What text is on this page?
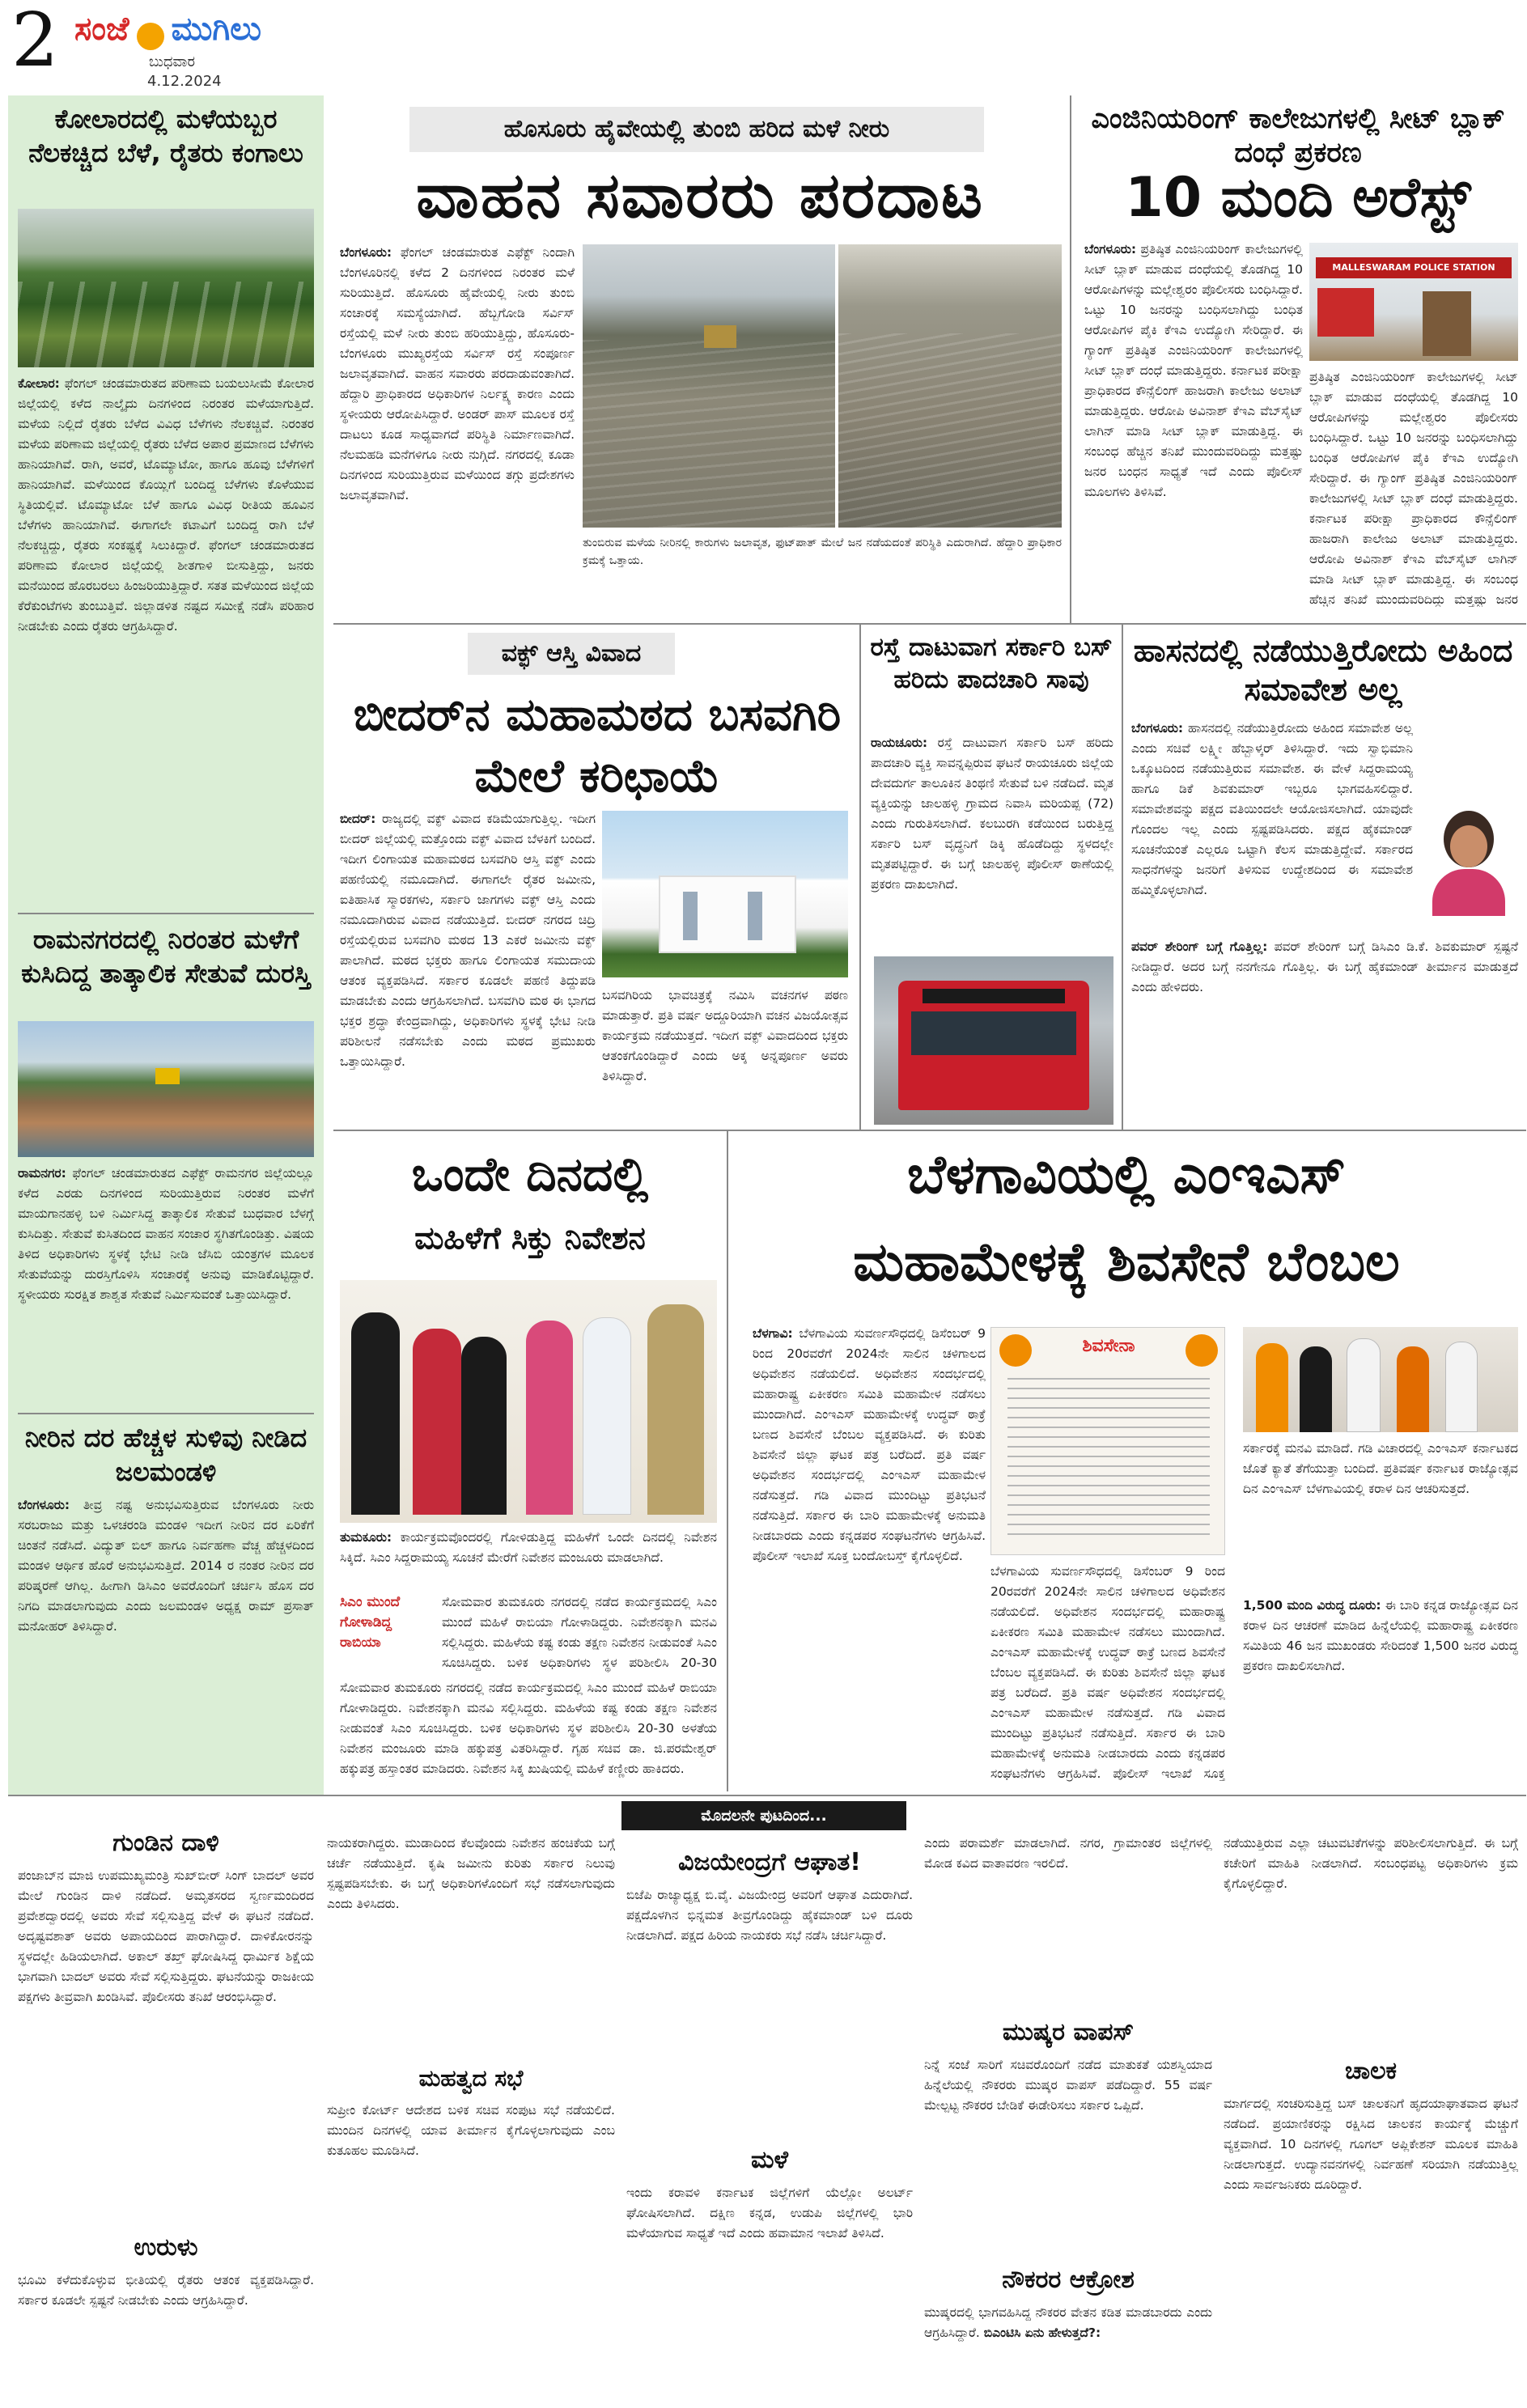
2 ಸಂಜೆ ಮುಗಿಲು
ಬುಧವಾರ
4.12.2024
ಕೋಲಾರದಲ್ಲಿ ಮಳೆಯಬ್ಬರ ನೆಲಕಚ್ಚಿದ ಬೆಳೆ, ರೈತರು ಕಂಗಾಲು
ಕೋಲಾರ: ಫೆಂಗಲ್ ಚಂಡಮಾರುತದ ಪರಿಣಾಮ ಬಯಲುಸೀಮೆ ಕೋಲಾರ ಜಿಲ್ಲೆಯಲ್ಲಿ ಕಳೆದ ನಾಲ್ಕೈದು ದಿನಗಳಿಂದ ನಿರಂತರ ಮಳೆಯಾಗುತ್ತಿದೆ. ಮಳೆಯ ನಿಲ್ಲಿದೆ ರೈತರು ಬೆಳೆದ ವಿವಿಧ ಬೆಳೆಗಳು ನೆಲಕಚ್ಚಿವೆ. ನಿರಂತರ ಮಳೆಯ ಪರಿಣಾಮ ಜಿಲ್ಲೆಯಲ್ಲಿ ರೈತರು ಬೆಳೆದ ಅಪಾರ ಪ್ರಮಾಣದ ಬೆಳೆಗಳು ಹಾನಿಯಾಗಿವೆ. ರಾಗಿ, ಅವರೆ, ಟೊಮ್ಯಾಟೋ, ಹಾಗೂ ಹೂವು ಬೆಳೆಗಳಿಗೆ ಹಾನಿಯಾಗಿವೆ. ಮಳೆಯಿಂದ ಕೊಯ್ಲಿಗೆ ಬಂದಿದ್ದ ಬೆಳೆಗಳು ಕೊಳೆಯುವ ಸ್ಥಿತಿಯಲ್ಲಿವೆ. ಟೊಮ್ಯಾಟೋ ಬೆಳೆ ಹಾಗೂ ವಿವಿಧ ರೀತಿಯ ಹೂವಿನ ಬೆಳೆಗಳು ಹಾನಿಯಾಗಿವೆ. ಈಗಾಗಲೇ ಕಟಾವಿಗೆ ಬಂದಿದ್ದ ರಾಗಿ ಬೆಳೆ ನೆಲಕಚ್ಚಿದ್ದು, ರೈತರು ಸಂಕಷ್ಟಕ್ಕೆ ಸಿಲುಕಿದ್ದಾರೆ. ಫೆಂಗಲ್ ಚಂಡಮಾರುತದ ಪರಿಣಾಮ ಕೋಲಾರ ಜಿಲ್ಲೆಯಲ್ಲಿ ಶೀತಗಾಳಿ ಬೀಸುತ್ತಿದ್ದು, ಜನರು ಮನೆಯಿಂದ ಹೊರಬರಲು ಹಿಂಜರಿಯುತ್ತಿದ್ದಾರೆ. ಸತತ ಮಳೆಯಿಂದ ಜಿಲ್ಲೆಯ ಕೆರೆಕುಂಟೆಗಳು ತುಂಬುತ್ತಿವೆ. ಜಿಲ್ಲಾಡಳಿತ ನಷ್ಟದ ಸಮೀಕ್ಷೆ ನಡೆಸಿ ಪರಿಹಾರ ನೀಡಬೇಕು ಎಂದು ರೈತರು ಆಗ್ರಹಿಸಿದ್ದಾರೆ.
ರಾಮನಗರದಲ್ಲಿ ನಿರಂತರ ಮಳೆಗೆ ಕುಸಿದಿದ್ದ ತಾತ್ಕಾಲಿಕ ಸೇತುವೆ ದುರಸ್ತಿ
ರಾಮನಗರ: ಫೆಂಗಲ್ ಚಂಡಮಾರುತದ ಎಫೆಕ್ಟ್ ರಾಮನಗರ ಜಿಲ್ಲೆಯಲ್ಲೂ ಕಳೆದ ಎರಡು ದಿನಗಳಿಂದ ಸುರಿಯುತ್ತಿರುವ ನಿರಂತರ ಮಳೆಗೆ ಮಾಯಗಾನಹಳ್ಳಿ ಬಳಿ ನಿರ್ಮಿಸಿದ್ದ ತಾತ್ಕಾಲಿಕ ಸೇತುವೆ ಬುಧವಾರ ಬೆಳಗ್ಗೆ ಕುಸಿದಿತ್ತು. ಸೇತುವೆ ಕುಸಿತದಿಂದ ವಾಹನ ಸಂಚಾರ ಸ್ಥಗಿತಗೊಂಡಿತ್ತು. ವಿಷಯ ತಿಳಿದ ಅಧಿಕಾರಿಗಳು ಸ್ಥಳಕ್ಕೆ ಭೇಟಿ ನೀಡಿ ಜೆಸಿಬಿ ಯಂತ್ರಗಳ ಮೂಲಕ ಸೇತುವೆಯನ್ನು ದುರಸ್ತಿಗೊಳಿಸಿ ಸಂಚಾರಕ್ಕೆ ಅನುವು ಮಾಡಿಕೊಟ್ಟಿದ್ದಾರೆ. ಸ್ಥಳೀಯರು ಸುರಕ್ಷಿತ ಶಾಶ್ವತ ಸೇತುವೆ ನಿರ್ಮಿಸುವಂತೆ ಒತ್ತಾಯಿಸಿದ್ದಾರೆ.
ನೀರಿನ ದರ ಹೆಚ್ಚಳ ಸುಳಿವು ನೀಡಿದ ಜಲಮಂಡಳಿ
ಬೆಂಗಳೂರು: ತೀವ್ರ ನಷ್ಟ ಅನುಭವಿಸುತ್ತಿರುವ ಬೆಂಗಳೂರು ನೀರು ಸರಬರಾಜು ಮತ್ತು ಒಳಚರಂಡಿ ಮಂಡಳಿ ಇದೀಗ ನೀರಿನ ದರ ಏರಿಕೆಗೆ ಚಿಂತನೆ ನಡೆಸಿದೆ. ವಿದ್ಯುತ್ ಬಿಲ್ ಹಾಗೂ ನಿರ್ವಹಣಾ ವೆಚ್ಚ ಹೆಚ್ಚಳದಿಂದ ಮಂಡಳಿ ಆರ್ಥಿಕ ಹೊರೆ ಅನುಭವಿಸುತ್ತಿದೆ. 2014 ರ ನಂತರ ನೀರಿನ ದರ ಪರಿಷ್ಕರಣೆ ಆಗಿಲ್ಲ. ಹೀಗಾಗಿ ಡಿಸಿಎಂ ಅವರೊಂದಿಗೆ ಚರ್ಚಿಸಿ ಹೊಸ ದರ ನಿಗದಿ ಮಾಡಲಾಗುವುದು ಎಂದು ಜಲಮಂಡಳಿ ಅಧ್ಯಕ್ಷ ರಾಮ್ ಪ್ರಸಾತ್ ಮನೋಹರ್ ತಿಳಿಸಿದ್ದಾರೆ.
ಹೊಸೂರು ಹೈವೇಯಲ್ಲಿ ತುಂಬಿ ಹರಿದ ಮಳೆ ನೀರು
ವಾಹನ ಸವಾರರು ಪರದಾಟ
ಬೆಂಗಳೂರು: ಫೆಂಗಲ್ ಚಂಡಮಾರುತ ಎಫೆಕ್ಟ್ ನಿಂದಾಗಿ ಬೆಂಗಳೂರಿನಲ್ಲಿ ಕಳೆದ 2 ದಿನಗಳಿಂದ ನಿರಂತರ ಮಳೆ ಸುರಿಯುತ್ತಿದೆ. ಹೊಸೂರು ಹೈವೇಯಲ್ಲಿ ನೀರು ತುಂಬಿ ಸಂಚಾರಕ್ಕೆ ಸಮಸ್ಯೆಯಾಗಿದೆ. ಹೆಬ್ಬಗೋಡಿ ಸರ್ವಿಸ್ ರಸ್ತೆಯಲ್ಲಿ ಮಳೆ ನೀರು ತುಂಬಿ ಹರಿಯುತ್ತಿದ್ದು, ಹೊಸೂರು-ಬೆಂಗಳೂರು ಮುಖ್ಯರಸ್ತೆಯ ಸರ್ವಿಸ್ ರಸ್ತೆ ಸಂಪೂರ್ಣ ಜಲಾವೃತವಾಗಿದೆ. ವಾಹನ ಸವಾರರು ಪರದಾಡುವಂತಾಗಿದೆ. ಹೆದ್ದಾರಿ ಪ್ರಾಧಿಕಾರದ ಅಧಿಕಾರಿಗಳ ನಿರ್ಲಕ್ಷ್ಯ ಕಾರಣ ಎಂದು ಸ್ಥಳೀಯರು ಆರೋಪಿಸಿದ್ದಾರೆ. ಅಂಡರ್ ಪಾಸ್ ಮೂಲಕ ರಸ್ತೆ ದಾಟಲು ಕೂಡ ಸಾಧ್ಯವಾಗದೆ ಪರಿಸ್ಥಿತಿ ನಿರ್ಮಾಣವಾಗಿದೆ. ನೆಲಮಹಡಿ ಮನೆಗಳಿಗೂ ನೀರು ನುಗ್ಗಿದೆ. ನಗರದಲ್ಲಿ ಕೂಡಾ ದಿನಗಳಿಂದ ಸುರಿಯುತ್ತಿರುವ ಮಳೆಯಿಂದ ತಗ್ಗು ಪ್ರದೇಶಗಳು ಜಲಾವೃತವಾಗಿವೆ.
ತುಂಬಿರುವ ಮಳೆಯ ನೀರಿನಲ್ಲಿ ಕಾರುಗಳು ಜಲಾವೃತ, ಫುಟ್‌ಪಾತ್ ಮೇಲೆ ಜನ ನಡೆಯದಂತೆ ಪರಿಸ್ಥಿತಿ ಎದುರಾಗಿದೆ. ಹೆದ್ದಾರಿ ಪ್ರಾಧಿಕಾರ ಕ್ರಮಕ್ಕೆ ಒತ್ತಾಯ.
ಎಂಜಿನಿಯರಿಂಗ್ ಕಾಲೇಜುಗಳಲ್ಲಿ ಸೀಟ್ ಬ್ಲಾಕ್ ದಂಧೆ ಪ್ರಕರಣ
10 ಮಂದಿ ಅರೆಸ್ಟ್
ಬೆಂಗಳೂರು: ಪ್ರತಿಷ್ಠಿತ ಎಂಜಿನಿಯರಿಂಗ್ ಕಾಲೇಜುಗಳಲ್ಲಿ ಸೀಟ್ ಬ್ಲಾಕ್ ಮಾಡುವ ದಂಧೆಯಲ್ಲಿ ತೊಡಗಿದ್ದ 10 ಆರೋಪಿಗಳನ್ನು ಮಲ್ಲೇಶ್ವರಂ ಪೊಲೀಸರು ಬಂಧಿಸಿದ್ದಾರೆ. ಒಟ್ಟು 10 ಜನರನ್ನು ಬಂಧಿಸಲಾಗಿದ್ದು ಬಂಧಿತ ಆರೋಪಿಗಳ ಪೈಕಿ ಕೆಇಎ ಉದ್ಯೋಗಿ ಸೇರಿದ್ದಾರೆ. ಈ ಗ್ಯಾಂಗ್ ಪ್ರತಿಷ್ಠಿತ ಎಂಜಿನಿಯರಿಂಗ್ ಕಾಲೇಜುಗಳಲ್ಲಿ ಸೀಟ್ ಬ್ಲಾಕ್ ದಂಧೆ ಮಾಡುತ್ತಿದ್ದರು. ಕರ್ನಾಟಕ ಪರೀಕ್ಷಾ ಪ್ರಾಧಿಕಾರದ ಕೌನ್ಸೆಲಿಂಗ್ ಹಾಜರಾಗಿ ಕಾಲೇಜು ಅಲಾಟ್ ಮಾಡುತ್ತಿದ್ದರು. ಆರೋಪಿ ಅವಿನಾಶ್ ಕೆಇಎ ವೆಬ್‌ಸೈಟ್ ಲಾಗಿನ್ ಮಾಡಿ ಸೀಟ್ ಬ್ಲಾಕ್ ಮಾಡುತ್ತಿದ್ದ. ಈ ಸಂಬಂಧ ಹೆಚ್ಚಿನ ತನಿಖೆ ಮುಂದುವರಿದಿದ್ದು ಮತ್ತಷ್ಟು ಜನರ ಬಂಧನ ಸಾಧ್ಯತೆ ಇದೆ ಎಂದು ಪೊಲೀಸ್ ಮೂಲಗಳು ತಿಳಿಸಿವೆ.
MALLESWARAM POLICE STATION
ಪ್ರತಿಷ್ಠಿತ ಎಂಜಿನಿಯರಿಂಗ್ ಕಾಲೇಜುಗಳಲ್ಲಿ ಸೀಟ್ ಬ್ಲಾಕ್ ಮಾಡುವ ದಂಧೆಯಲ್ಲಿ ತೊಡಗಿದ್ದ 10 ಆರೋಪಿಗಳನ್ನು ಮಲ್ಲೇಶ್ವರಂ ಪೊಲೀಸರು ಬಂಧಿಸಿದ್ದಾರೆ. ಒಟ್ಟು 10 ಜನರನ್ನು ಬಂಧಿಸಲಾಗಿದ್ದು ಬಂಧಿತ ಆರೋಪಿಗಳ ಪೈಕಿ ಕೆಇಎ ಉದ್ಯೋಗಿ ಸೇರಿದ್ದಾರೆ. ಈ ಗ್ಯಾಂಗ್ ಪ್ರತಿಷ್ಠಿತ ಎಂಜಿನಿಯರಿಂಗ್ ಕಾಲೇಜುಗಳಲ್ಲಿ ಸೀಟ್ ಬ್ಲಾಕ್ ದಂಧೆ ಮಾಡುತ್ತಿದ್ದರು. ಕರ್ನಾಟಕ ಪರೀಕ್ಷಾ ಪ್ರಾಧಿಕಾರದ ಕೌನ್ಸೆಲಿಂಗ್ ಹಾಜರಾಗಿ ಕಾಲೇಜು ಅಲಾಟ್ ಮಾಡುತ್ತಿದ್ದರು. ಆರೋಪಿ ಅವಿನಾಶ್ ಕೆಇಎ ವೆಬ್‌ಸೈಟ್ ಲಾಗಿನ್ ಮಾಡಿ ಸೀಟ್ ಬ್ಲಾಕ್ ಮಾಡುತ್ತಿದ್ದ. ಈ ಸಂಬಂಧ ಹೆಚ್ಚಿನ ತನಿಖೆ ಮುಂದುವರಿದಿದ್ದು ಮತ್ತಷ್ಟು ಜನರ
ವಕ್ಫ್ ಆಸ್ತಿ ವಿವಾದ
ಬೀದರ್‌ನ ಮಹಾಮಠದ ಬಸವಗಿರಿ ಮೇಲೆ ಕರಿಛಾಯೆ
ಬೀದರ್: ರಾಜ್ಯದಲ್ಲಿ ವಕ್ಫ್ ವಿವಾದ ಕಡಿಮೆಯಾಗುತ್ತಿಲ್ಲ. ಇದೀಗ ಬೀದರ್ ಜಿಲ್ಲೆಯಲ್ಲಿ ಮತ್ತೊಂದು ವಕ್ಫ್ ವಿವಾದ ಬೆಳಕಿಗೆ ಬಂದಿದೆ. ಇದೀಗ ಲಿಂಗಾಯತ ಮಹಾಮಠದ ಬಸವಗಿರಿ ಆಸ್ತಿ ವಕ್ಫ್ ಎಂದು ಪಹಣಿಯಲ್ಲಿ ನಮೂದಾಗಿದೆ. ಈಗಾಗಲೇ ರೈತರ ಜಮೀನು, ಐತಿಹಾಸಿಕ ಸ್ಮಾರಕಗಳು, ಸರ್ಕಾರಿ ಜಾಗಗಳು ವಕ್ಫ್ ಆಸ್ತಿ ಎಂದು ನಮೂದಾಗಿರುವ ವಿವಾದ ನಡೆಯುತ್ತಿದೆ. ಬೀದರ್ ನಗರದ ಚಿದ್ರಿ ರಸ್ತೆಯಲ್ಲಿರುವ ಬಸವಗಿರಿ ಮಠದ 13 ಎಕರೆ ಜಮೀನು ವಕ್ಫ್ ಪಾಲಾಗಿದೆ. ಮಠದ ಭಕ್ತರು ಹಾಗೂ ಲಿಂಗಾಯತ ಸಮುದಾಯ ಆತಂಕ ವ್ಯಕ್ತಪಡಿಸಿದೆ. ಸರ್ಕಾರ ಕೂಡಲೇ ಪಹಣಿ ತಿದ್ದುಪಡಿ ಮಾಡಬೇಕು ಎಂದು ಆಗ್ರಹಿಸಲಾಗಿದೆ. ಬಸವಗಿರಿ ಮಠ ಈ ಭಾಗದ ಭಕ್ತರ ಶ್ರದ್ಧಾ ಕೇಂದ್ರವಾಗಿದ್ದು, ಅಧಿಕಾರಿಗಳು ಸ್ಥಳಕ್ಕೆ ಭೇಟಿ ನೀಡಿ ಪರಿಶೀಲನೆ ನಡೆಸಬೇಕು ಎಂದು ಮಠದ ಪ್ರಮುಖರು ಒತ್ತಾಯಿಸಿದ್ದಾರೆ.
ಬಸವಗಿರಿಯ ಭಾವಚಿತ್ರಕ್ಕೆ ನಮಿಸಿ ವಚನಗಳ ಪಠಣ ಮಾಡುತ್ತಾರೆ. ಪ್ರತಿ ವರ್ಷ ಅದ್ದೂರಿಯಾಗಿ ವಚನ ವಿಜಯೋತ್ಸವ ಕಾರ್ಯಕ್ರಮ ನಡೆಯುತ್ತದೆ. ಇದೀಗ ವಕ್ಫ್ ವಿವಾದದಿಂದ ಭಕ್ತರು ಆತಂಕಗೊಂಡಿದ್ದಾರೆ ಎಂದು ಅಕ್ಕ ಅನ್ನಪೂರ್ಣ ಅವರು ತಿಳಿಸಿದ್ದಾರೆ.
ರಸ್ತೆ ದಾಟುವಾಗ ಸರ್ಕಾರಿ ಬಸ್ ಹರಿದು ಪಾದಚಾರಿ ಸಾವು
ರಾಯಚೂರು: ರಸ್ತೆ ದಾಟುವಾಗ ಸರ್ಕಾರಿ ಬಸ್ ಹರಿದು ಪಾದಚಾರಿ ವ್ಯಕ್ತಿ ಸಾವನ್ನಪ್ಪಿರುವ ಘಟನೆ ರಾಯಚೂರು ಜಿಲ್ಲೆಯ ದೇವದುರ್ಗ ತಾಲೂಕಿನ ತಿಂಥಣಿ ಸೇತುವೆ ಬಳಿ ನಡೆದಿದೆ. ಮೃತ ವ್ಯಕ್ತಿಯನ್ನು ಜಾಲಹಳ್ಳಿ ಗ್ರಾಮದ ನಿವಾಸಿ ಮರಿಯಪ್ಪ (72) ಎಂದು ಗುರುತಿಸಲಾಗಿದೆ. ಕಲಬುರಗಿ ಕಡೆಯಿಂದ ಬರುತ್ತಿದ್ದ ಸರ್ಕಾರಿ ಬಸ್ ವೃದ್ಧನಿಗೆ ಡಿಕ್ಕಿ ಹೊಡೆದಿದ್ದು ಸ್ಥಳದಲ್ಲೇ ಮೃತಪಟ್ಟಿದ್ದಾರೆ. ಈ ಬಗ್ಗೆ ಜಾಲಹಳ್ಳಿ ಪೊಲೀಸ್ ಠಾಣೆಯಲ್ಲಿ ಪ್ರಕರಣ ದಾಖಲಾಗಿದೆ.
ಹಾಸನದಲ್ಲಿ ನಡೆಯುತ್ತಿರೋದು ಅಹಿಂದ ಸಮಾವೇಶ ಅಲ್ಲ
ಬೆಂಗಳೂರು: ಹಾಸನದಲ್ಲಿ ನಡೆಯುತ್ತಿರೋದು ಅಹಿಂದ ಸಮಾವೇಶ ಅಲ್ಲ ಎಂದು ಸಚಿವೆ ಲಕ್ಷ್ಮೀ ಹೆಬ್ಬಾಳ್ಕರ್ ತಿಳಿಸಿದ್ದಾರೆ. ಇದು ಸ್ವಾಭಿಮಾನಿ ಒಕ್ಕೂಟದಿಂದ ನಡೆಯುತ್ತಿರುವ ಸಮಾವೇಶ. ಈ ವೇಳೆ ಸಿದ್ದರಾಮಯ್ಯ ಹಾಗೂ ಡಿಕೆ ಶಿವಕುಮಾರ್ ಇಬ್ಬರೂ ಭಾಗವಹಿಸಲಿದ್ದಾರೆ. ಸಮಾವೇಶವನ್ನು ಪಕ್ಷದ ವತಿಯಿಂದಲೇ ಆಯೋಜಿಸಲಾಗಿದೆ. ಯಾವುದೇ ಗೊಂದಲ ಇಲ್ಲ ಎಂದು ಸ್ಪಷ್ಟಪಡಿಸಿದರು. ಪಕ್ಷದ ಹೈಕಮಾಂಡ್ ಸೂಚನೆಯಂತೆ ಎಲ್ಲರೂ ಒಟ್ಟಾಗಿ ಕೆಲಸ ಮಾಡುತ್ತಿದ್ದೇವೆ. ಸರ್ಕಾರದ ಸಾಧನೆಗಳನ್ನು ಜನರಿಗೆ ತಿಳಿಸುವ ಉದ್ದೇಶದಿಂದ ಈ ಸಮಾವೇಶ ಹಮ್ಮಿಕೊಳ್ಳಲಾಗಿದೆ.
ಪವರ್ ಶೇರಿಂಗ್ ಬಗ್ಗೆ ಗೊತ್ತಿಲ್ಲ: ಪವರ್ ಶೇರಿಂಗ್ ಬಗ್ಗೆ ಡಿಸಿಎಂ ಡಿ.ಕೆ. ಶಿವಕುಮಾರ್ ಸ್ಪಷ್ಟನೆ ನೀಡಿದ್ದಾರೆ. ಅದರ ಬಗ್ಗೆ ನನಗೇನೂ ಗೊತ್ತಿಲ್ಲ. ಈ ಬಗ್ಗೆ ಹೈಕಮಾಂಡ್ ತೀರ್ಮಾನ ಮಾಡುತ್ತದೆ ಎಂದು ಹೇಳಿದರು.
ಒಂದೇ ದಿನದಲ್ಲಿ
ಮಹಿಳೆಗೆ ಸಿಕ್ತು ನಿವೇಶನ
ತುಮಕೂರು: ಕಾರ್ಯಕ್ರಮವೊಂದರಲ್ಲಿ ಗೋಳಿಡುತ್ತಿದ್ದ ಮಹಿಳೆಗೆ ಒಂದೇ ದಿನದಲ್ಲಿ ನಿವೇಶನ ಸಿಕ್ಕಿದೆ. ಸಿಎಂ ಸಿದ್ದರಾಮಯ್ಯ ಸೂಚನೆ ಮೇರೆಗೆ ನಿವೇಶನ ಮಂಜೂರು ಮಾಡಲಾಗಿದೆ.
ಸಿಎಂ ಮುಂದೆ ಗೋಳಾಡಿದ್ದ ರಾಬಿಯಾ
ಸೋಮವಾರ ತುಮಕೂರು ನಗರದಲ್ಲಿ ನಡೆದ ಕಾರ್ಯಕ್ರಮದಲ್ಲಿ ಸಿಎಂ ಮುಂದೆ ಮಹಿಳೆ ರಾಬಿಯಾ ಗೋಳಾಡಿದ್ದರು. ನಿವೇಶನಕ್ಕಾಗಿ ಮನವಿ ಸಲ್ಲಿಸಿದ್ದರು. ಮಹಿಳೆಯ ಕಷ್ಟ ಕಂಡು ತಕ್ಷಣ ನಿವೇಶನ ನೀಡುವಂತೆ ಸಿಎಂ ಸೂಚಿಸಿದ್ದರು. ಬಳಿಕ ಅಧಿಕಾರಿಗಳು ಸ್ಥಳ ಪರಿಶೀಲಿಸಿ 20-30
ಸೋಮವಾರ ತುಮಕೂರು ನಗರದಲ್ಲಿ ನಡೆದ ಕಾರ್ಯಕ್ರಮದಲ್ಲಿ ಸಿಎಂ ಮುಂದೆ ಮಹಿಳೆ ರಾಬಿಯಾ ಗೋಳಾಡಿದ್ದರು. ನಿವೇಶನಕ್ಕಾಗಿ ಮನವಿ ಸಲ್ಲಿಸಿದ್ದರು. ಮಹಿಳೆಯ ಕಷ್ಟ ಕಂಡು ತಕ್ಷಣ ನಿವೇಶನ ನೀಡುವಂತೆ ಸಿಎಂ ಸೂಚಿಸಿದ್ದರು. ಬಳಿಕ ಅಧಿಕಾರಿಗಳು ಸ್ಥಳ ಪರಿಶೀಲಿಸಿ 20-30 ಅಳತೆಯ ನಿವೇಶನ ಮಂಜೂರು ಮಾಡಿ ಹಕ್ಕುಪತ್ರ ವಿತರಿಸಿದ್ದಾರೆ. ಗೃಹ ಸಚಿವ ಡಾ. ಜಿ.ಪರಮೇಶ್ವರ್ ಹಕ್ಕುಪತ್ರ ಹಸ್ತಾಂತರ ಮಾಡಿದರು. ನಿವೇಶನ ಸಿಕ್ಕ ಖುಷಿಯಲ್ಲಿ ಮಹಿಳೆ ಕಣ್ಣೀರು ಹಾಕಿದರು.
ಬೆಳಗಾವಿಯಲ್ಲಿ ಎಂಇಎಸ್
ಮಹಾಮೇಳಕ್ಕೆ ಶಿವಸೇನೆ ಬೆಂಬಲ
ಬೆಳಗಾವಿ: ಬೆಳಗಾವಿಯ ಸುವರ್ಣಸೌಧದಲ್ಲಿ ಡಿಸೆಂಬರ್ 9 ರಿಂದ 20ರವರೆಗೆ 2024ನೇ ಸಾಲಿನ ಚಳಿಗಾಲದ ಅಧಿವೇಶನ ನಡೆಯಲಿದೆ. ಅಧಿವೇಶನ ಸಂದರ್ಭದಲ್ಲಿ ಮಹಾರಾಷ್ಟ್ರ ಏಕೀಕರಣ ಸಮಿತಿ ಮಹಾಮೇಳ ನಡೆಸಲು ಮುಂದಾಗಿದೆ. ಎಂಇಎಸ್ ಮಹಾಮೇಳಕ್ಕೆ ಉದ್ಧವ್ ಠಾಕ್ರೆ ಬಣದ ಶಿವಸೇನೆ ಬೆಂಬಲ ವ್ಯಕ್ತಪಡಿಸಿದೆ. ಈ ಕುರಿತು ಶಿವಸೇನೆ ಜಿಲ್ಲಾ ಘಟಕ ಪತ್ರ ಬರೆದಿದೆ. ಪ್ರತಿ ವರ್ಷ ಅಧಿವೇಶನ ಸಂದರ್ಭದಲ್ಲಿ ಎಂಇಎಸ್ ಮಹಾಮೇಳ ನಡೆಸುತ್ತದೆ. ಗಡಿ ವಿವಾದ ಮುಂದಿಟ್ಟು ಪ್ರತಿಭಟನೆ ನಡೆಸುತ್ತಿದೆ. ಸರ್ಕಾರ ಈ ಬಾರಿ ಮಹಾಮೇಳಕ್ಕೆ ಅನುಮತಿ ನೀಡಬಾರದು ಎಂದು ಕನ್ನಡಪರ ಸಂಘಟನೆಗಳು ಆಗ್ರಹಿಸಿವೆ. ಪೊಲೀಸ್ ಇಲಾಖೆ ಸೂಕ್ತ ಬಂದೋಬಸ್ತ್ ಕೈಗೊಳ್ಳಲಿದೆ.
ಶಿವಸೇನಾ
ಬೆಳಗಾವಿಯ ಸುವರ್ಣಸೌಧದಲ್ಲಿ ಡಿಸೆಂಬರ್ 9 ರಿಂದ 20ರವರೆಗೆ 2024ನೇ ಸಾಲಿನ ಚಳಿಗಾಲದ ಅಧಿವೇಶನ ನಡೆಯಲಿದೆ. ಅಧಿವೇಶನ ಸಂದರ್ಭದಲ್ಲಿ ಮಹಾರಾಷ್ಟ್ರ ಏಕೀಕರಣ ಸಮಿತಿ ಮಹಾಮೇಳ ನಡೆಸಲು ಮುಂದಾಗಿದೆ. ಎಂಇಎಸ್ ಮಹಾಮೇಳಕ್ಕೆ ಉದ್ಧವ್ ಠಾಕ್ರೆ ಬಣದ ಶಿವಸೇನೆ ಬೆಂಬಲ ವ್ಯಕ್ತಪಡಿಸಿದೆ. ಈ ಕುರಿತು ಶಿವಸೇನೆ ಜಿಲ್ಲಾ ಘಟಕ ಪತ್ರ ಬರೆದಿದೆ. ಪ್ರತಿ ವರ್ಷ ಅಧಿವೇಶನ ಸಂದರ್ಭದಲ್ಲಿ ಎಂಇಎಸ್ ಮಹಾಮೇಳ ನಡೆಸುತ್ತದೆ. ಗಡಿ ವಿವಾದ ಮುಂದಿಟ್ಟು ಪ್ರತಿಭಟನೆ ನಡೆಸುತ್ತಿದೆ. ಸರ್ಕಾರ ಈ ಬಾರಿ ಮಹಾಮೇಳಕ್ಕೆ ಅನುಮತಿ ನೀಡಬಾರದು ಎಂದು ಕನ್ನಡಪರ ಸಂಘಟನೆಗಳು ಆಗ್ರಹಿಸಿವೆ. ಪೊಲೀಸ್ ಇಲಾಖೆ ಸೂಕ್ತ
ಸರ್ಕಾರಕ್ಕೆ ಮನವಿ ಮಾಡಿದೆ. ಗಡಿ ವಿಚಾರದಲ್ಲಿ ಎಂಇಎಸ್ ಕರ್ನಾಟಕದ ಜೊತೆ ಕ್ಯಾತೆ ತೆಗೆಯುತ್ತಾ ಬಂದಿದೆ. ಪ್ರತಿವರ್ಷ ಕರ್ನಾಟಕ ರಾಜ್ಯೋತ್ಸವ ದಿನ ಎಂಇಎಸ್ ಬೆಳಗಾವಿಯಲ್ಲಿ ಕರಾಳ ದಿನ ಆಚರಿಸುತ್ತದೆ.
1,500 ಮಂದಿ ವಿರುದ್ಧ ದೂರು: ಈ ಬಾರಿ ಕನ್ನಡ ರಾಜ್ಯೋತ್ಸವ ದಿನ ಕರಾಳ ದಿನ ಆಚರಣೆ ಮಾಡಿದ ಹಿನ್ನೆಲೆಯಲ್ಲಿ ಮಹಾರಾಷ್ಟ್ರ ಏಕೀಕರಣ ಸಮಿತಿಯ 46 ಜನ ಮುಖಂಡರು ಸೇರಿದಂತೆ 1,500 ಜನರ ವಿರುದ್ಧ ಪ್ರಕರಣ ದಾಖಲಿಸಲಾಗಿದೆ.
ಮೊದಲನೇ ಪುಟದಿಂದ...
ಗುಂಡಿನ ದಾಳಿ
ಪಂಜಾಬ್‌ನ ಮಾಜಿ ಉಪಮುಖ್ಯಮಂತ್ರಿ ಸುಖ್‌ಬೀರ್ ಸಿಂಗ್ ಬಾದಲ್ ಅವರ ಮೇಲೆ ಗುಂಡಿನ ದಾಳಿ ನಡೆದಿದೆ. ಅಮೃತಸರದ ಸ್ವರ್ಣಮಂದಿರದ ಪ್ರವೇಶದ್ವಾರದಲ್ಲಿ ಅವರು ಸೇವೆ ಸಲ್ಲಿಸುತ್ತಿದ್ದ ವೇಳೆ ಈ ಘಟನೆ ನಡೆದಿದೆ. ಅದೃಷ್ಟವಶಾತ್ ಅವರು ಅಪಾಯದಿಂದ ಪಾರಾಗಿದ್ದಾರೆ. ದಾಳಿಕೋರನನ್ನು ಸ್ಥಳದಲ್ಲೇ ಹಿಡಿಯಲಾಗಿದೆ. ಅಕಾಲ್ ತಖ್ತ್ ಘೋಷಿಸಿದ್ದ ಧಾರ್ಮಿಕ ಶಿಕ್ಷೆಯ ಭಾಗವಾಗಿ ಬಾದಲ್ ಅವರು ಸೇವೆ ಸಲ್ಲಿಸುತ್ತಿದ್ದರು. ಘಟನೆಯನ್ನು ರಾಜಕೀಯ ಪಕ್ಷಗಳು ತೀವ್ರವಾಗಿ ಖಂಡಿಸಿವೆ. ಪೊಲೀಸರು ತನಿಖೆ ಆರಂಭಿಸಿದ್ದಾರೆ.
ಉರುಳು
ಭೂಮಿ ಕಳೆದುಕೊಳ್ಳುವ ಭೀತಿಯಲ್ಲಿ ರೈತರು ಆತಂಕ ವ್ಯಕ್ತಪಡಿಸಿದ್ದಾರೆ. ಸರ್ಕಾರ ಕೂಡಲೇ ಸ್ಪಷ್ಟನೆ ನೀಡಬೇಕು ಎಂದು ಆಗ್ರಹಿಸಿದ್ದಾರೆ.
ನಾಯಕರಾಗಿದ್ದರು. ಮುಡಾದಿಂದ ಕೆಲವೊಂದು ನಿವೇಶನ ಹಂಚಿಕೆಯ ಬಗ್ಗೆ ಚರ್ಚೆ ನಡೆಯುತ್ತಿದೆ. ಕೃಷಿ ಜಮೀನು ಕುರಿತು ಸರ್ಕಾರ ನಿಲುವು ಸ್ಪಷ್ಟಪಡಿಸಬೇಕು. ಈ ಬಗ್ಗೆ ಅಧಿಕಾರಿಗಳೊಂದಿಗೆ ಸಭೆ ನಡೆಸಲಾಗುವುದು ಎಂದು ತಿಳಿಸಿದರು.
ಮಹತ್ವದ ಸಭೆ
ಸುಪ್ರೀಂ ಕೋರ್ಟ್ ಆದೇಶದ ಬಳಿಕ ಸಚಿವ ಸಂಪುಟ ಸಭೆ ನಡೆಯಲಿದೆ. ಮುಂದಿನ ದಿನಗಳಲ್ಲಿ ಯಾವ ತೀರ್ಮಾನ ಕೈಗೊಳ್ಳಲಾಗುವುದು ಎಂಬ ಕುತೂಹಲ ಮೂಡಿಸಿದೆ.
ವಿಜಯೇಂದ್ರಗೆ ಆಘಾತ!
ಬಿಜೆಪಿ ರಾಜ್ಯಾಧ್ಯಕ್ಷ ಬಿ.ವೈ. ವಿಜಯೇಂದ್ರ ಅವರಿಗೆ ಆಘಾತ ಎದುರಾಗಿದೆ. ಪಕ್ಷದೊಳಗಿನ ಭಿನ್ನಮತ ತೀವ್ರಗೊಂಡಿದ್ದು ಹೈಕಮಾಂಡ್ ಬಳಿ ದೂರು ನೀಡಲಾಗಿದೆ. ಪಕ್ಷದ ಹಿರಿಯ ನಾಯಕರು ಸಭೆ ನಡೆಸಿ ಚರ್ಚಿಸಿದ್ದಾರೆ.
ಮಳೆ
ಇಂದು ಕರಾವಳಿ ಕರ್ನಾಟಕ ಜಿಲ್ಲೆಗಳಿಗೆ ಯೆಲ್ಲೋ ಅಲರ್ಟ್ ಘೋಷಿಸಲಾಗಿದೆ. ದಕ್ಷಿಣ ಕನ್ನಡ, ಉಡುಪಿ ಜಿಲ್ಲೆಗಳಲ್ಲಿ ಭಾರಿ ಮಳೆಯಾಗುವ ಸಾಧ್ಯತೆ ಇದೆ ಎಂದು ಹವಾಮಾನ ಇಲಾಖೆ ತಿಳಿಸಿದೆ.
ಎಂದು ಪರಾಮರ್ಶೆ ಮಾಡಲಾಗಿದೆ. ನಗರ, ಗ್ರಾಮಾಂತರ ಜಿಲ್ಲೆಗಳಲ್ಲಿ ಮೋಡ ಕವಿದ ವಾತಾವರಣ ಇರಲಿದೆ.
ಮುಷ್ಕರ ವಾಪಸ್
ನಿನ್ನೆ ಸಂಜೆ ಸಾರಿಗೆ ಸಚಿವರೊಂದಿಗೆ ನಡೆದ ಮಾತುಕತೆ ಯಶಸ್ವಿಯಾದ ಹಿನ್ನೆಲೆಯಲ್ಲಿ ನೌಕರರು ಮುಷ್ಕರ ವಾಪಸ್ ಪಡೆದಿದ್ದಾರೆ. 55 ವರ್ಷ ಮೇಲ್ಪಟ್ಟ ನೌಕರರ ಬೇಡಿಕೆ ಈಡೇರಿಸಲು ಸರ್ಕಾರ ಒಪ್ಪಿದೆ.
ನೌಕರರ ಆಕ್ರೋಶ
ಮುಷ್ಕರದಲ್ಲಿ ಭಾಗವಹಿಸಿದ್ದ ನೌಕರರ ವೇತನ ಕಡಿತ ಮಾಡಬಾರದು ಎಂದು ಆಗ್ರಹಿಸಿದ್ದಾರೆ. ಬಿಎಂಟಿಸಿ ಏನು ಹೇಳುತ್ತದೆ?:
ನಡೆಯುತ್ತಿರುವ ಎಲ್ಲಾ ಚಟುವಟಿಕೆಗಳನ್ನು ಪರಿಶೀಲಿಸಲಾಗುತ್ತಿದೆ. ಈ ಬಗ್ಗೆ ಕಚೇರಿಗೆ ಮಾಹಿತಿ ನೀಡಲಾಗಿದೆ. ಸಂಬಂಧಪಟ್ಟ ಅಧಿಕಾರಿಗಳು ಕ್ರಮ ಕೈಗೊಳ್ಳಲಿದ್ದಾರೆ.
ಚಾಲಕ
ಮಾರ್ಗದಲ್ಲಿ ಸಂಚರಿಸುತ್ತಿದ್ದ ಬಸ್ ಚಾಲಕನಿಗೆ ಹೃದಯಾಘಾತವಾದ ಘಟನೆ ನಡೆದಿದೆ. ಪ್ರಯಾಣಿಕರನ್ನು ರಕ್ಷಿಸಿದ ಚಾಲಕನ ಕಾರ್ಯಕ್ಕೆ ಮೆಚ್ಚುಗೆ ವ್ಯಕ್ತವಾಗಿದೆ. 10 ದಿನಗಳಲ್ಲಿ ಗೂಗಲ್ ಅಪ್ಲಿಕೇಶನ್ ಮೂಲಕ ಮಾಹಿತಿ ನೀಡಲಾಗುತ್ತದೆ. ಉದ್ಯಾನವನಗಳಲ್ಲಿ ನಿರ್ವಹಣೆ ಸರಿಯಾಗಿ ನಡೆಯುತ್ತಿಲ್ಲ ಎಂದು ಸಾರ್ವಜನಿಕರು ದೂರಿದ್ದಾರೆ.
